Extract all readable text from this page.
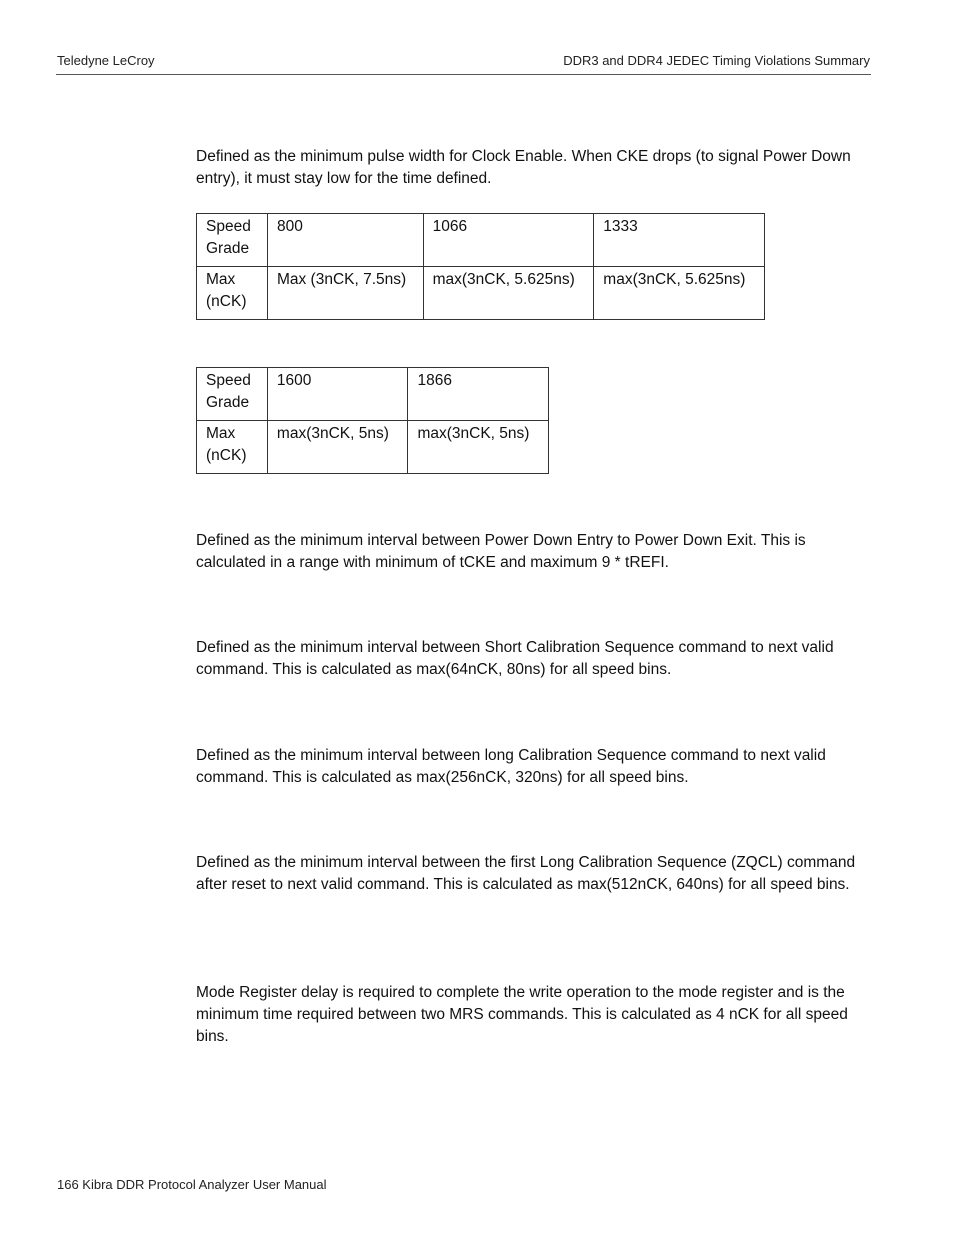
Teledyne LeCroy	DDR3 and DDR4 JEDEC Timing Violations Summary

Defined as the minimum pulse width for Clock Enable. When CKE drops (to signal Power Down entry), it must stay low for the time defined.

Speed Grade	800	1066	1333
Max (nCK)	Max (3nCK, 7.5ns)	max(3nCK, 5.625ns)	max(3nCK, 5.625ns)
Speed Grade	1600	1866
Max (nCK)	max(3nCK, 5ns)	max(3nCK, 5ns)

Defined as the minimum interval between Power Down Entry to Power Down Exit. This is calculated in a range with minimum of tCKE and maximum 9 * tREFI.

Defined as the minimum interval between Short Calibration Sequence command to next valid command. This is calculated as max(64nCK, 80ns) for all speed bins.

Defined as the minimum interval between long Calibration Sequence command to next valid command. This is calculated as max(256nCK, 320ns) for all speed bins.

Defined as the minimum interval between the first Long Calibration Sequence (ZQCL) command after reset to next valid command. This is calculated as max(512nCK, 640ns) for all speed bins.

Mode Register delay is required to complete the write operation to the mode register and is the minimum time required between two MRS commands. This is calculated as 4 nCK for all speed bins.

166 Kibra DDR Protocol Analyzer User Manual
